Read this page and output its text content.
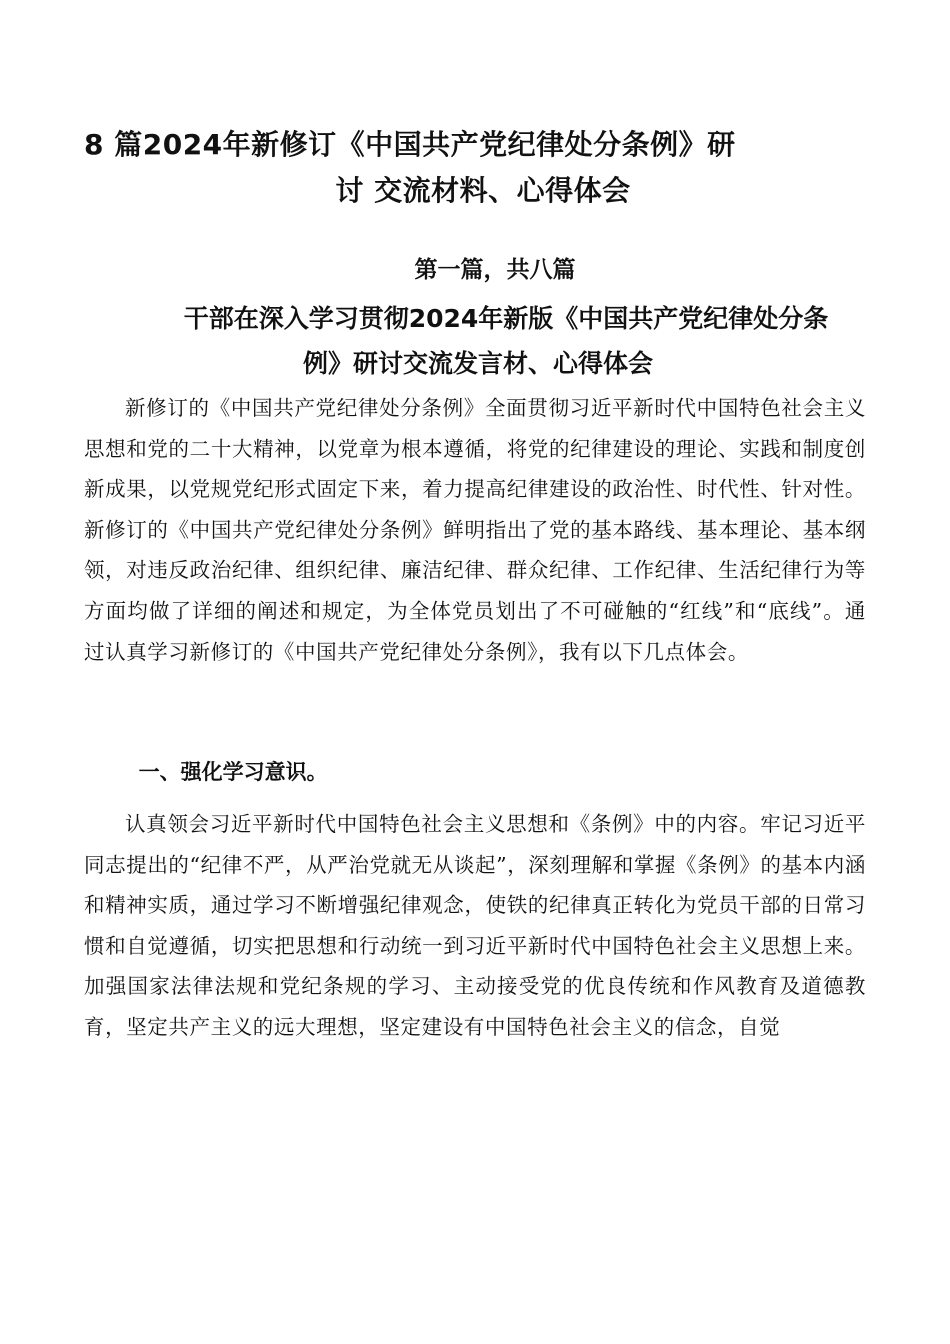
8 篇2024年新修订《中国共产党纪律处分条例》研
讨 交流材料、心得体会

第一篇，共八篇

干部在深入学习贯彻2024年新版《中国共产党纪律处分条
例》研讨交流发言材、心得体会

新修订的《中国共产党纪律处分条例》全面贯彻习近平新时代中国特色社会主义思想和党的二十大精神，以党章为根本遵循，将党的纪律建设的理论、实践和制度创新成果，以党规党纪形式固定下来，着力提高纪律建设的政治性、时代性、针对性。新修订的《中国共产党纪律处分条例》鲜明指出了党的基本路线、基本理论、基本纲领，对违反政治纪律、组织纪律、廉洁纪律、群众纪律、工作纪律、生活纪律行为等方面均做了详细的阐述和规定，为全体党员划出了不可碰触的“红线”和“底线”。通过认真学习新修订的《中国共产党纪律处分条例》，我有以下几点体会。

一、强化学习意识。

认真领会习近平新时代中国特色社会主义思想和《条例》中的内容。牢记习近平同志提出的“纪律不严，从严治党就无从谈起”，深刻理解和掌握《条例》的基本内涵和精神实质，通过学习不断增强纪律观念，使铁的纪律真正转化为党员干部的日常习惯和自觉遵循，切实把思想和行动统一到习近平新时代中国特色社会主义思想上来。加强国家法律法规和党纪条规的学习、主动接受党的优良传统和作风教育及道德教育，坚定共产主义的远大理想，坚定建设有中国特色社会主义的信念，自觉
